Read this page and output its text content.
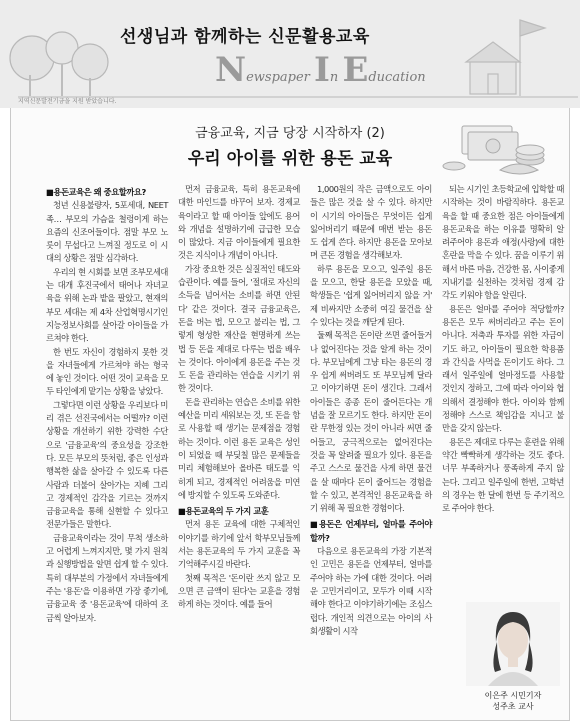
선생님과 함께하는 신문활용교육
Newspaper In Education
지역신문발전기금을 지원 받았습니다.
금융교육, 지금 당장 시작하자 (2)
우리 아이를 위한 용돈 교육

■용돈교육은 왜 중요할까요?

청년 신용불량자, 5포세대, NEET족… 부모의 가슴을 철렁이게 하는 요즘의 신조어들이다. 점말 부모 노릇이 무섭다고 느껴질 정도로 이 시대의 상황은 점말 심각하다.

우리의 현 시회를 보면 조부모세대는 대개 후진국에서 태어나 자녀교육을 위해 논과 밭을 팔았고, 현재의 부모 세대는 제 4차 산업혁명시기인 지능정보사회를 살아갈 아이들을 가르쳐야 한다.

한 번도 자신이 경험하지 못한 것을 자녀들에게 가르쳐야 하는 형국에 놓인 것이다. 어떤 것이 교육을 모두 타인에게 맡기는 상황을 낳았다.

그렇다면 이런 상황을 우리보다 미리 겪은 선진국에서는 어떨까? 이런 상황을 개선하기 위한 강력한 수단으로 '금융교육'의 중요성을 강조한다. 모든 부모의 뜻처럼, 좋은 인성과 행복한 삶을 살아갈 수 있도록 다른 사람과 더불어 살아가는 지혜 그리고 경제적인 감각을 기르는 것까지 금융교육을 통해 실현할 수 있다고 전문가들은 말한다.

금융교육이라는 것이 무척 생소하고 어렵게 느껴지지만, 몇 가지 원칙과 실행방법을 알면 쉽게 할 수 있다. 특히 대부분의 가정에서 자녀들에게 주는 '용돈'을 이용하면 가장 좋기에, 금융교육 중 '용돈교육'에 대하여 조금씩 알아보자.

먼저 금융교육, 특히 용돈교육에 대한 마인드를 바꾸어 보자. 경제교육이라고 할 때 아이들 앞에도 용어와 개념을 설명하기에 급급한 모습이 많았다. 지금 아이들에게 필요한 것은 지식이나 개념이 아니다.

가장 중요한 것은 실질적인 태도와 습관이다. 예를 들어, '절대로 자신의 소득을 넘어서는 소비를 하면 안된다' 같은 것이다. 결국 금융교육은, 돈을 버는 법, 모으고 불리는 법, 그렇게 형성한 재산을 현명하게 쓰는 법 등 돈을 제대로 다루는 법을 배우는 것이다. 아이에게 용돈을 주는 것도 돈을 관리하는 연습을 시키기 위한 것이다.

돈을 관리하는 연습은 소비를 위한 예산을 미리 세워보는 것, 또 돈을 함로 사용할 때 생기는 문제점을 경험하는 것이다. 이런 용돈 교육은 성인이 되었을 때 부딪칠 많은 문제들을 미리 체험해보아 올바른 태도를 익히게 되고, 경제적인 어려움을 미연에 방지할 수 있도록 도와준다.

■용돈교육의 두 가지 교훈

먼저 용돈 교육에 대한 구체적인 이야기를 하기에 앞서 학부모님들께서는 용돈교육의 두 가지 교훈을 꼭 기억해주시길 바란다.

첫째 목적은 '돈이란 쓰지 않고 모으면 큰 금액이 된다'는 교훈을 경험하게 하는 것이다. 예를 들어

1,000원의 작은 금액으로도 아이들은 많은 것을 살 수 있다. 하지만 이 시기의 아이들은 무엇이든 쉽게 잃어버리기 때문에 매번 받는 용돈도 쉽게 쓴다. 하지만 용돈을 모아보며 큰돈 경험을 생각해보자.

하루 용돈을 모으고, 일주일 용돈을 모으고, 한달 용돈을 모았을 때, 학생들은 '쉽게 잃어버리지 않을 거' 제 비싸지만 소중히 여길 물건을 살 수 있다는 것을 깨닫게 된다.

둘째 목적은 돈이란 쓰면 줄어들거나 없어진다는 것을 알게 하는 것이다. 부모님에게 그냥 타는 용돈의 경우 쉽게 써버려도 또 부모님께 달라고 이야기하면 돈이 생긴다. 그래서 아이들은 종종 돈이 줄어든다는 개념을 잘 모르기도 한다. 하지만 돈이란 무한정 있는 것이 아니라 써면 줄어들고, 궁극적으로는 없어진다는 것을 꼭 알려줄 필요가 있다. 용돈을 주고 스스로 물건을 사게 하면 물건을 살 때마다 돈이 줄어드는 경험을 할 수 있고, 본격적인 용돈교육을 하기 위해 꼭 필요한 경험이다.

■용돈은 언제부터, 얼마를 주어야 할까?

다음으로 용돈교육의 가장 기본적인 고민은 용돈을 언제부터, 얼마를 주어야 하는 가에 대한 것이다. 어려운 고민거리이고, 모두가 이때 시작해야 한다고 이야기하기에는 조심스럽다. 개인적 의견으로는 아이의 사회생활이 시작

되는 시기인 초등학교에 입학할 때 시작하는 것이 바람직하다. 용돈교육을 할 때 중요한 점은 아이들에게 용돈교육을 하는 이유를 명확히 알려주어야 용돈과 애정(사랑)에 대한 혼란을 막을 수 있다. 꿈을 이루기 위해서 바른 마음, 건강한 몸, 사이좋게 지내기를 실천하는 것처럼 경제 감각도 키워야 함을 알린다.

용돈은 얼마를 주어야 적당할까? 용돈은 모두 써버리라고 주는 돈이 아니다. 저축과 투자를 위한 자금이기도 하고, 아이들이 필요한 학용품과 간식을 사먹을 돈이기도 하다. 그래서 일주일에 얼마정도를 사용할 것인지 정하고, 그에 따라 아이와 협의해서 결정해야 한다. 아이와 함께 정해야 스스로 책임감을 지니고 불만을 갖지 않는다.

용돈은 제대로 다루는 훈련을 위해 약간 빡빡하게 생각하는 것도 좋다. 너무 부족하거나 풍족하게 주지 않는다. 그리고 일주일에 한번, 고학년의 경우는 한 달에 한번 등 주기적으로 주어야 한다.

이은주 시민기자
성주초 교사
